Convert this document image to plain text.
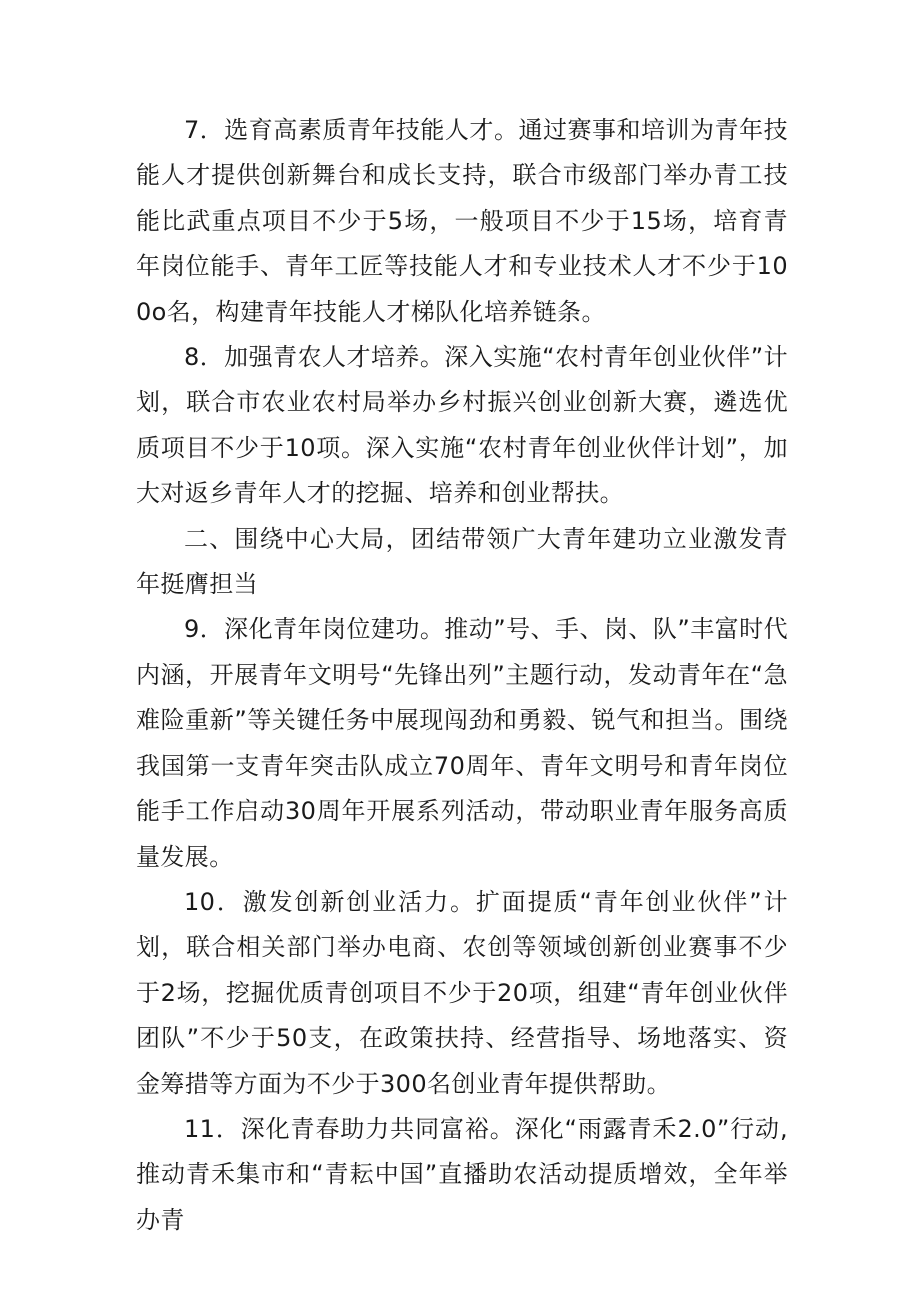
7．选育高素质青年技能人才。通过赛事和培训为青年技能人才提供创新舞台和成长支持，联合市级部门举办青工技能比武重点项目不少于5场，一般项目不少于15场，培育青年岗位能手、青年工匠等技能人才和专业技术人才不少于100o名，构建青年技能人才梯队化培养链条。

8．加强青农人才培养。深入实施“农村青年创业伙伴”计划，联合市农业农村局举办乡村振兴创业创新大赛，遴选优质项目不少于10项。深入实施“农村青年创业伙伴计划”，加大对返乡青年人才的挖掘、培养和创业帮扶。

二、围绕中心大局，团结带领广大青年建功立业激发青年挺膺担当

9．深化青年岗位建功。推动”号、手、岗、队”丰富时代内涵，开展青年文明号“先锋出列”主题行动，发动青年在“急难险重新”等关键任务中展现闯劲和勇毅、锐气和担当。围绕我国第一支青年突击队成立70周年、青年文明号和青年岗位能手工作启动30周年开展系列活动，带动职业青年服务高质量发展。

10．激发创新创业活力。扩面提质“青年创业伙伴”计划，联合相关部门举办电商、农创等领域创新创业赛事不少于2场，挖掘优质青创项目不少于20项，组建“青年创业伙伴团队”不少于50支，在政策扶持、经营指导、场地落实、资金筹措等方面为不少于300名创业青年提供帮助。

11．深化青春助力共同富裕。深化“雨露青禾2.0”行动,推动青禾集市和“青耘中国”直播助农活动提质增效，全年举办青
